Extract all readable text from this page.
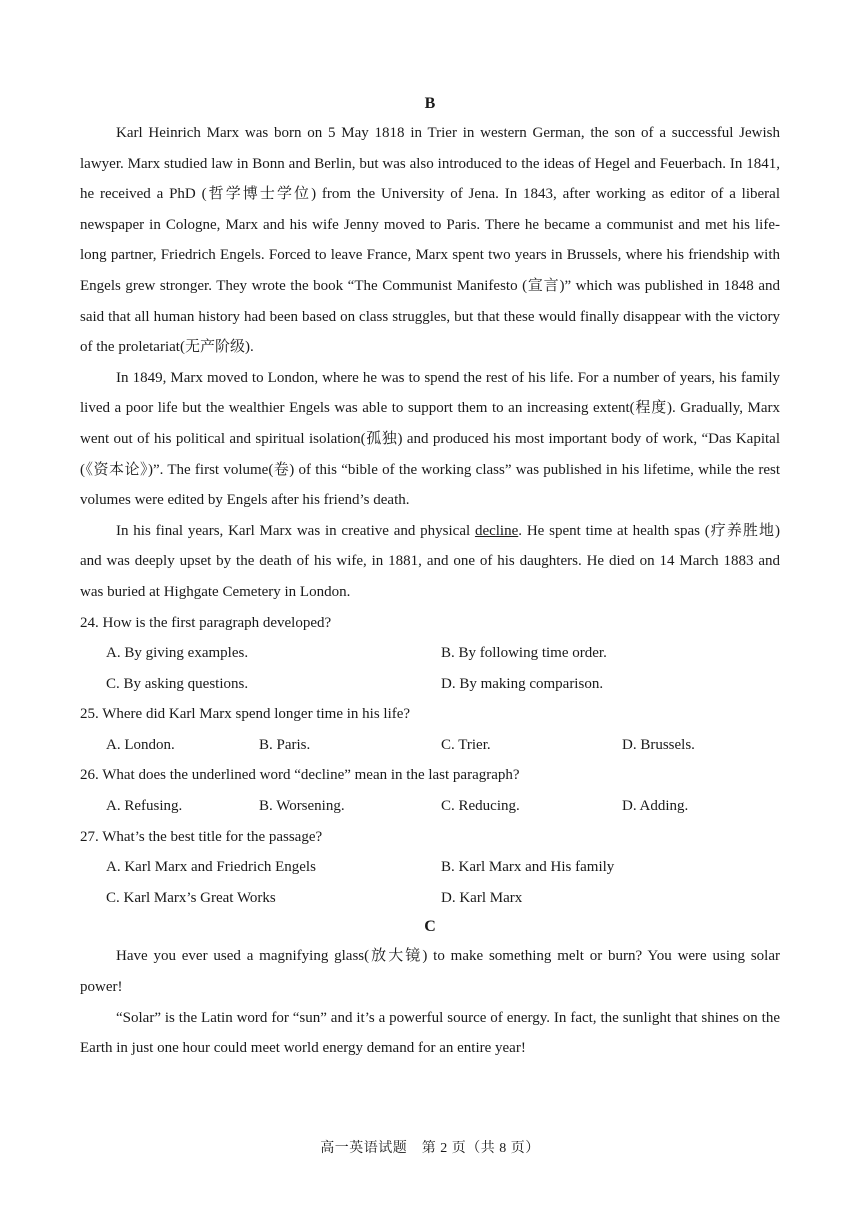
B

Karl Heinrich Marx was born on 5 May 1818 in Trier in western German, the son of a successful Jewish lawyer. Marx studied law in Bonn and Berlin, but was also introduced to the ideas of Hegel and Feuerbach. In 1841, he received a PhD (哲学博士学位) from the University of Jena. In 1843, after working as editor of a liberal newspaper in Cologne, Marx and his wife Jenny moved to Paris. There he became a communist and met his life-long partner, Friedrich Engels. Forced to leave France, Marx spent two years in Brussels, where his friendship with Engels grew stronger. They wrote the book “The Communist Manifesto (宣言)” which was published in 1848 and said that all human history had been based on class struggles, but that these would finally disappear with the victory of the proletariat(无产阶级).

In 1849, Marx moved to London, where he was to spend the rest of his life. For a number of years, his family lived a poor life but the wealthier Engels was able to support them to an increasing extent(程度). Gradually, Marx went out of his political and spiritual isolation(孤独) and produced his most important body of work, “Das Kapital (《资本论》)”. The first volume(卷) of this “bible of the working class” was published in his lifetime, while the rest volumes were edited by Engels after his friend’s death.

In his final years, Karl Marx was in creative and physical decline. He spent time at health spas (疗养胜地) and was deeply upset by the death of his wife, in 1881, and one of his daughters. He died on 14 March 1883 and was buried at Highgate Cemetery in London.

24. How is the first paragraph developed?

A. By giving examples.	B. By following time order.
C. By asking questions.	D. By making comparison.

25. Where did Karl Marx spend longer time in his life?

A. London.	B. Paris.	C. Trier.	D. Brussels.

26. What does the underlined word “decline” mean in the last paragraph?

A. Refusing.	B. Worsening.	C. Reducing.	D. Adding.

27. What’s the best title for the passage?

A. Karl Marx and Friedrich Engels	B. Karl Marx and His family
C. Karl Marx’s Great Works	D. Karl Marx
C

Have you ever used a magnifying glass(放大镜) to make something melt or burn? You were using solar power!

“Solar” is the Latin word for “sun” and it’s a powerful source of energy. In fact, the sunlight that shines on the Earth in just one hour could meet world energy demand for an entire year!

高一英语试题　第 2 页（共 8 页）
